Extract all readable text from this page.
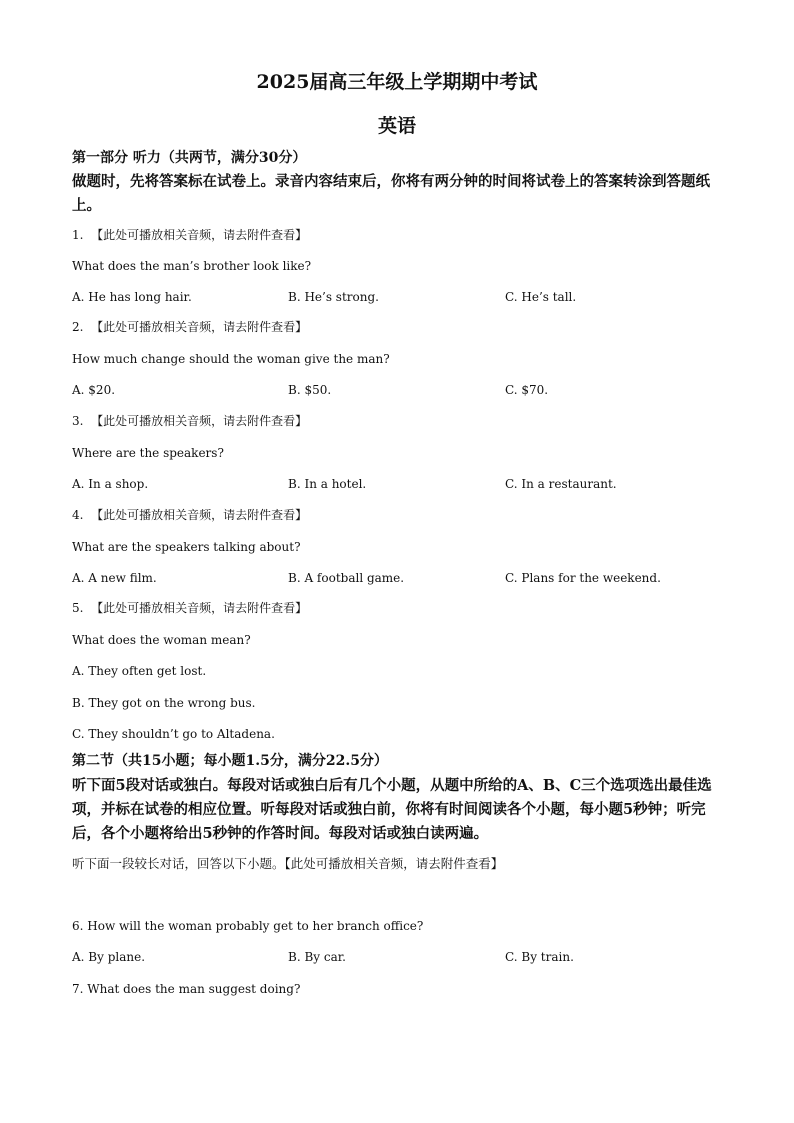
2025届高三年级上学期期中考试
英语
第一部分 听力（共两节，满分30分）
做题时，先将答案标在试卷上。录音内容结束后，你将有两分钟的时间将试卷上的答案转涂到答题纸上。
1. 【此处可播放相关音频，请去附件查看】
What does the man’s brother look like?
A. He has long hair.	B. He’s strong.	C. He’s tall.
2. 【此处可播放相关音频，请去附件查看】
How much change should the woman give the man?
A. $20.	B. $50.	C. $70.
3. 【此处可播放相关音频，请去附件查看】
Where are the speakers?
A. In a shop.	B. In a hotel.	C. In a restaurant.
4. 【此处可播放相关音频，请去附件查看】
What are the speakers talking about?
A. A new film.	B. A football game.	C. Plans for the weekend.
5. 【此处可播放相关音频，请去附件查看】
What does the woman mean?
A. They often get lost.
B. They got on the wrong bus.
C. They shouldn’t go to Altadena.
第二节（共15小题；每小题1.5分，满分22.5分）
听下面5段对话或独白。每段对话或独白后有几个小题，从题中所给的A、B、C三个选项选出最佳选项，并标在试卷的相应位置。听每段对话或独白前，你将有时间阅读各个小题，每小题5秒钟；听完后，各个小题将给出5秒钟的作答时间。每段对话或独白读两遍。
听下面一段较长对话，回答以下小题。【此处可播放相关音频，请去附件查看】
6. How will the woman probably get to her branch office?
A. By plane.	B. By car.	C. By train.
7. What does the man suggest doing?
